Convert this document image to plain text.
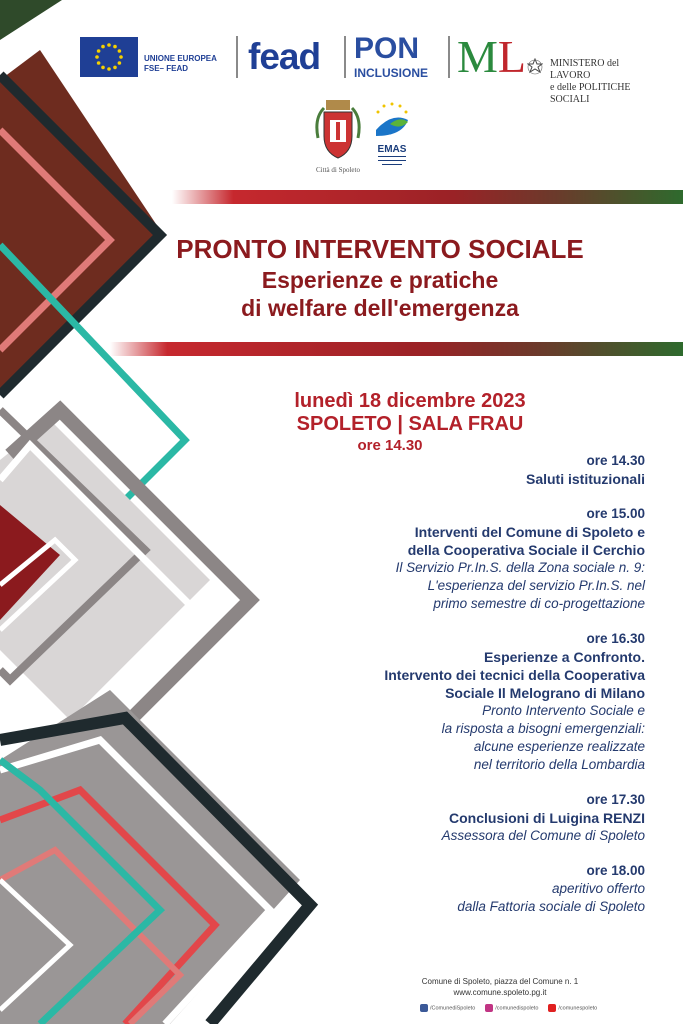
UNIONE EUROPEA
FSE– FEAD	fead PON
INCLUSIONE ML MINISTERO del LAVORO
e delle POLITICHE SOCIALI
Città di Spoleto
EMAS
PRONTO INTERVENTO SOCIALE
Esperienze e pratiche
di welfare dell'emergenza
lunedì 18 dicembre 2023
SPOLETO | SALA FRAU
ore 14.30
ore 14.30
Saluti istituzionali
ore 15.00
Interventi del Comune di Spoleto e
della Cooperativa Sociale il Cerchio
Il Servizio Pr.In.S. della Zona sociale n. 9:
L'esperienza del servizio Pr.In.S. nel
primo semestre di co-progettazione
ore 16.30
Esperienze a Confronto.
Intervento dei tecnici della Cooperativa
Sociale Il Melograno di Milano
Pronto Intervento Sociale e
la risposta a bisogni emergenziali:
alcune esperienze realizzate
nel territorio della Lombardia
ore 17.30
Conclusioni di Luigina RENZI
Assessora del Comune di Spoleto
ore 18.00
aperitivo offerto
dalla Fattoria sociale di Spoleto
Comune di Spoleto, piazza del Comune n. 1
www.comune.spoleto.pg.it
/ComunediSpoleto	/comunedispoleto	/comunespoleto
